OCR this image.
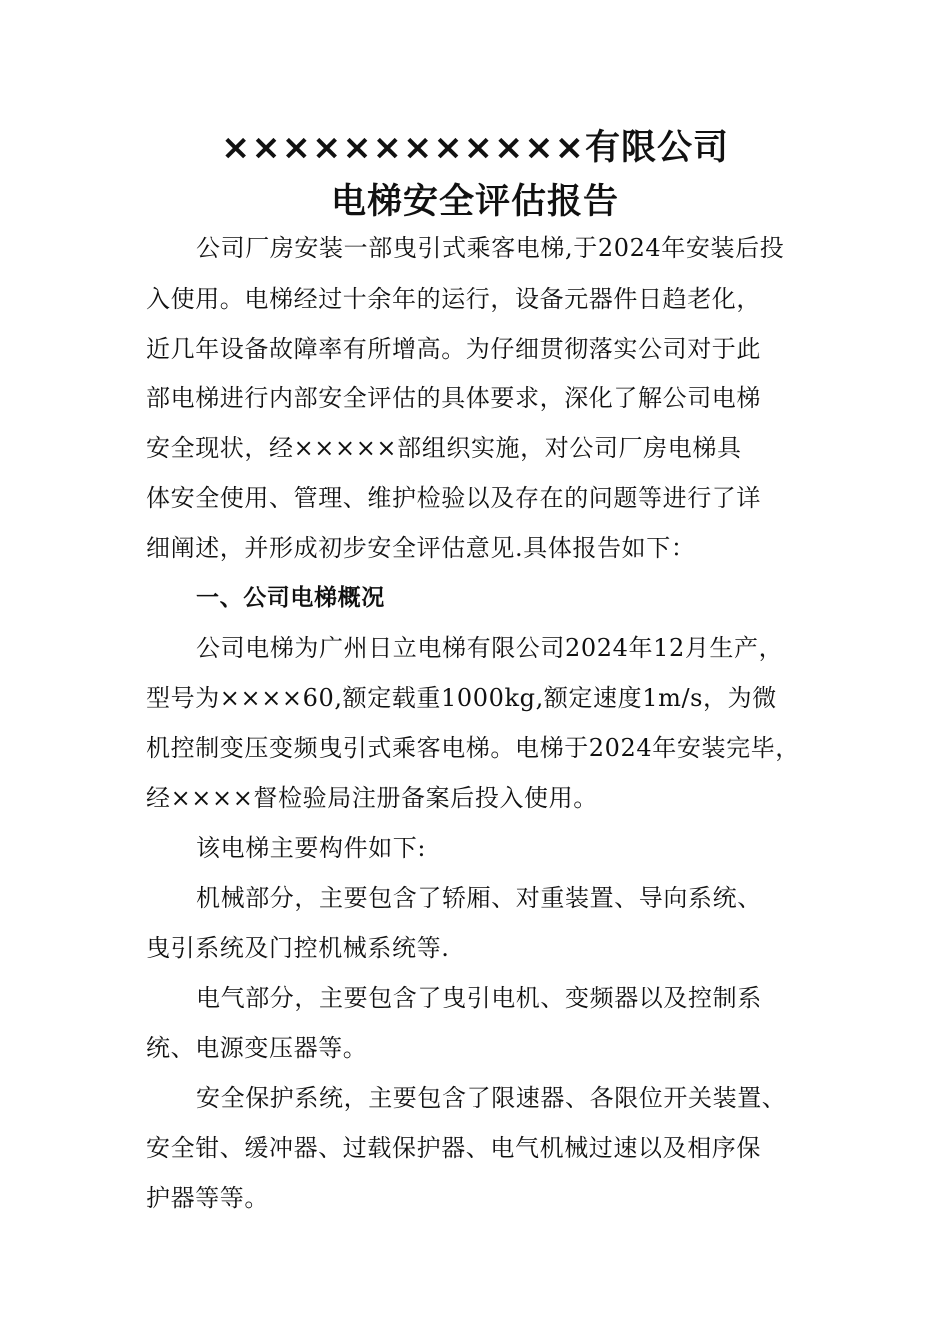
××××××××××××有限公司
电梯安全评估报告
公司厂房安装一部曳引式乘客电梯,于2024年安装后投
入使用。电梯经过十余年的运行，设备元器件日趋老化，
近几年设备故障率有所增高。为仔细贯彻落实公司对于此
部电梯进行内部安全评估的具体要求，深化了解公司电梯
安全现状，经×××××部组织实施，对公司厂房电梯具
体安全使用、管理、维护检验以及存在的问题等进行了详
细阐述，并形成初步安全评估意见.具体报告如下：
一、公司电梯概况
公司电梯为广州日立电梯有限公司2024年12月生产，
型号为××××60,额定载重1000kg,额定速度1m/s，为微
机控制变压变频曳引式乘客电梯。电梯于2024年安装完毕，
经××××督检验局注册备案后投入使用。
该电梯主要构件如下:
机械部分，主要包含了轿厢、对重装置、导向系统、
曳引系统及门控机械系统等.
电气部分，主要包含了曳引电机、变频器以及控制系
统、电源变压器等。
安全保护系统，主要包含了限速器、各限位开关装置、
安全钳、缓冲器、过载保护器、电气机械过速以及相序保
护器等等。
